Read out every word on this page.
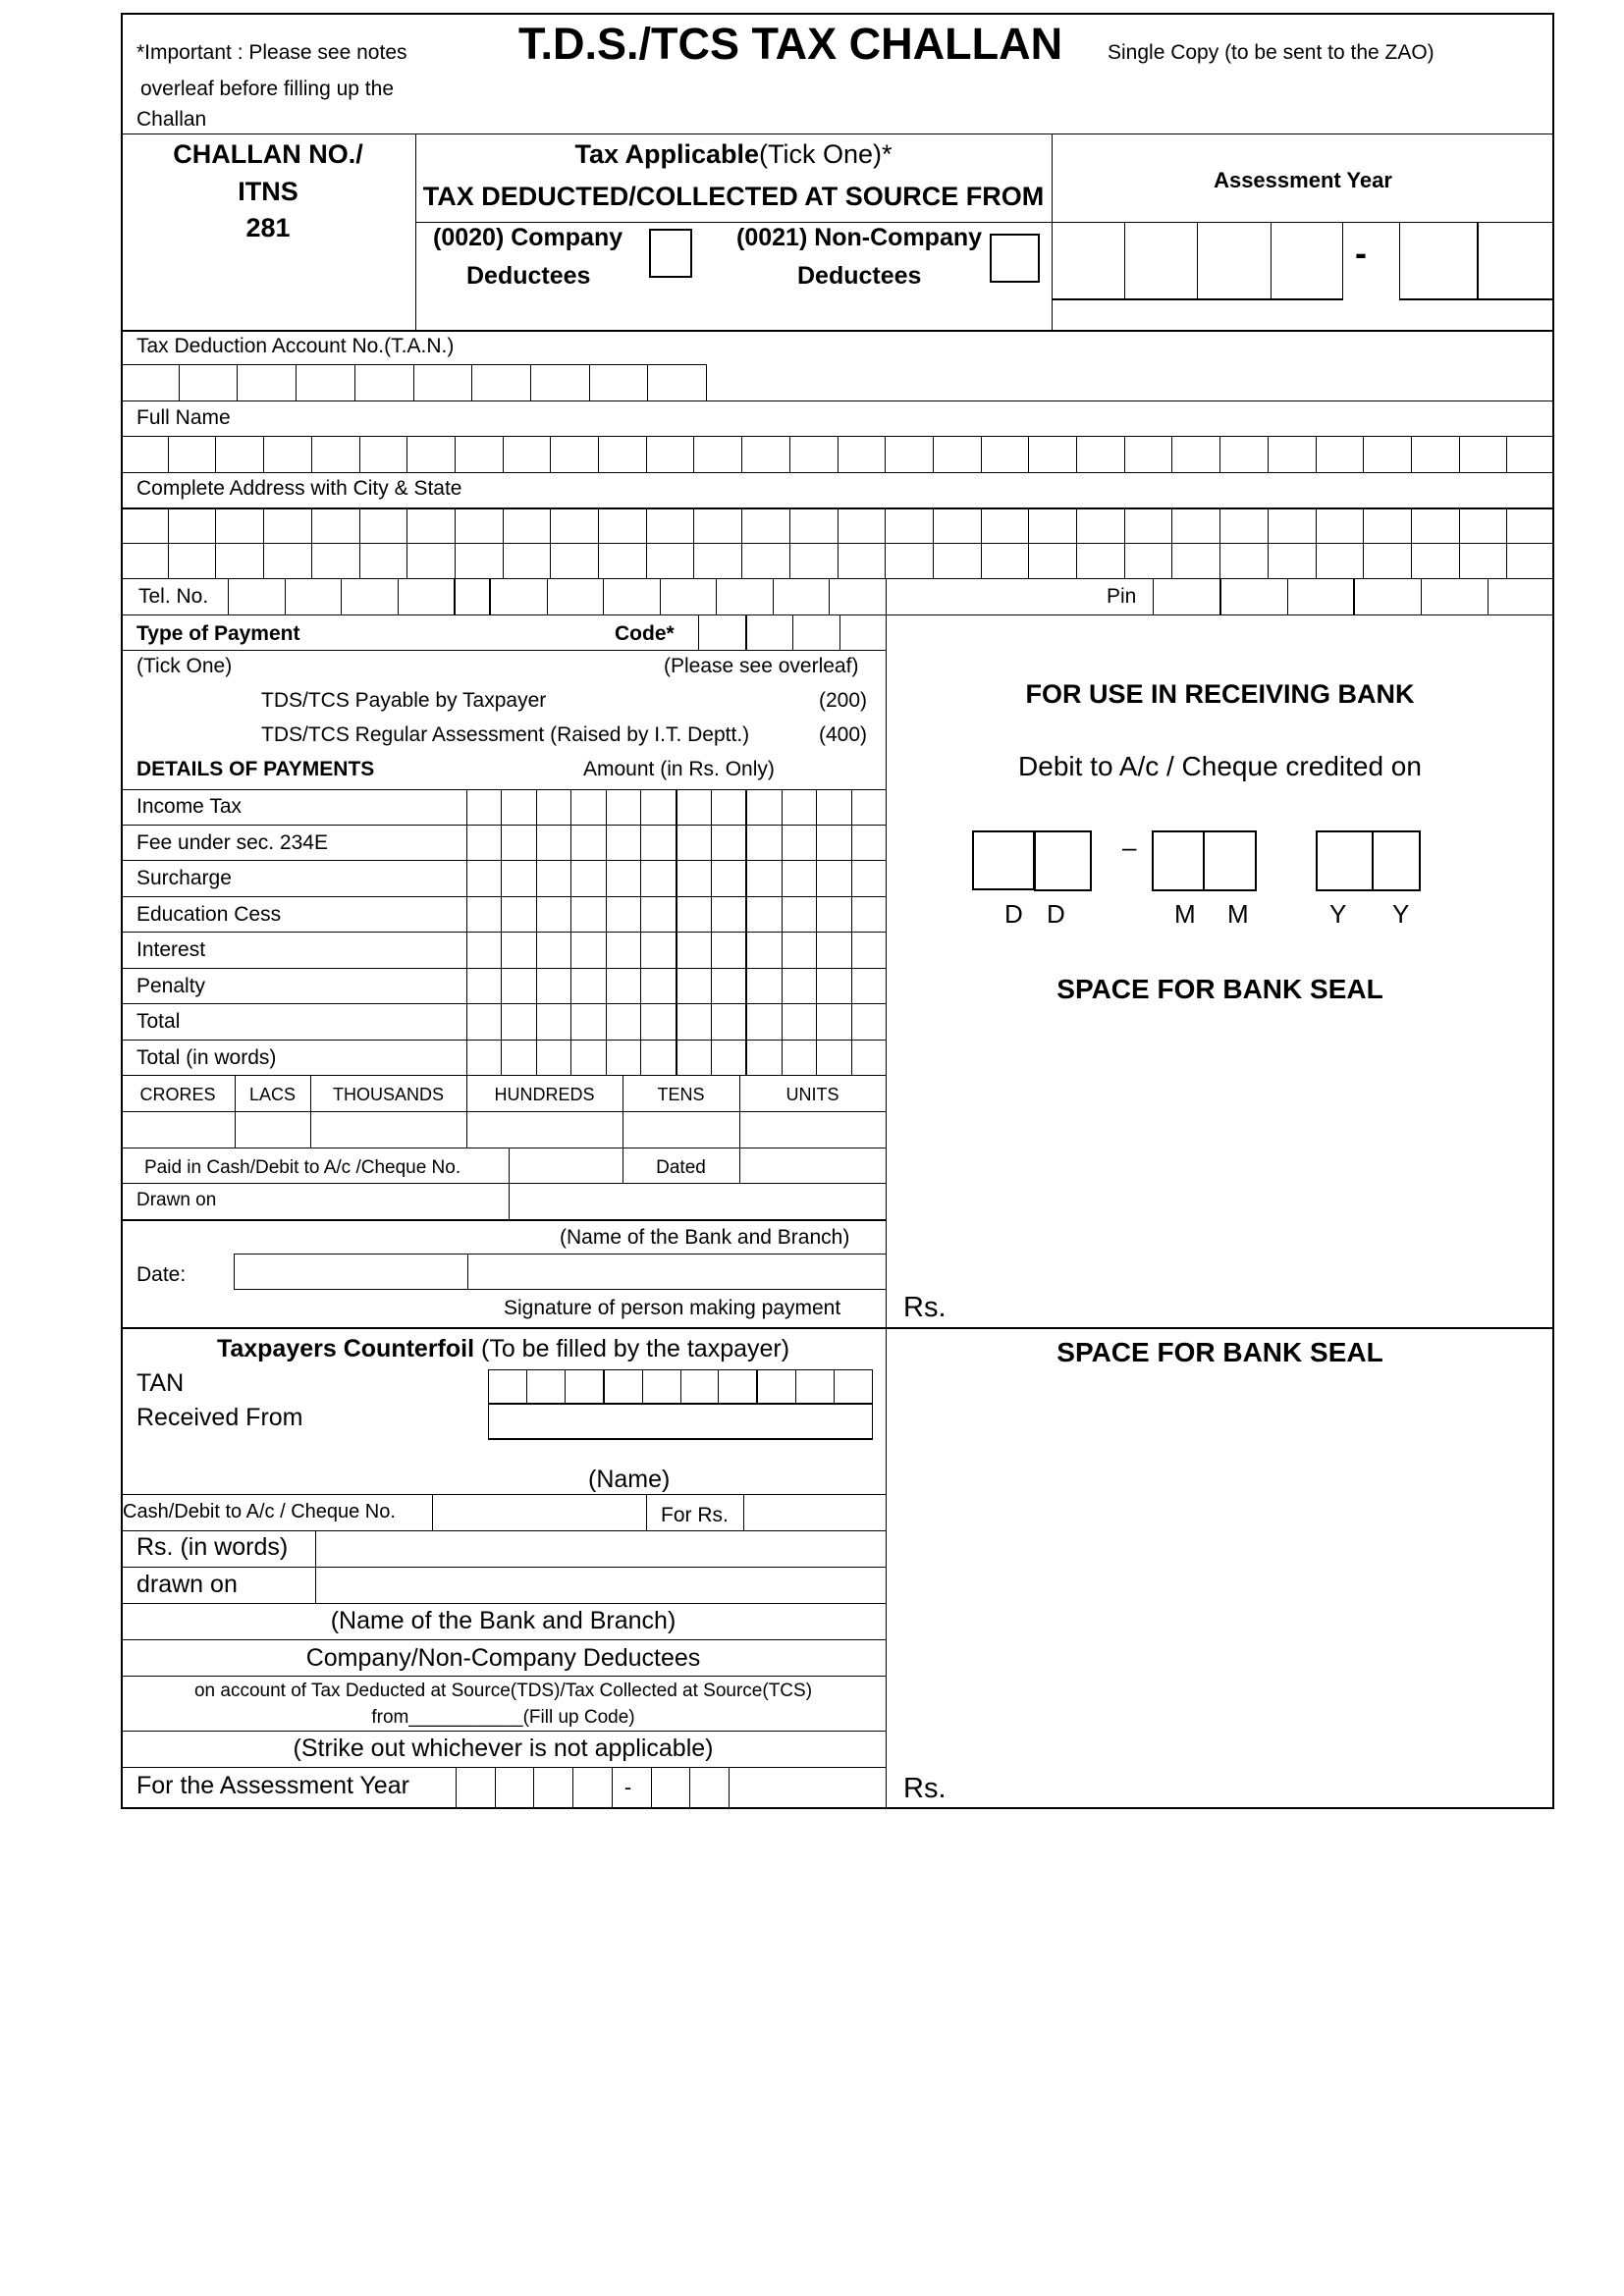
*Important : Please see notes
overleaf before filling up the
Challan
T.D.S./TCS TAX CHALLAN Single Copy (to be sent to the ZAO)
CHALLAN NO./
ITNS
281
Tax Applicable(Tick One)*
TAX DEDUCTED/COLLECTED AT SOURCE FROM
(0020) Company
Deductees
(0021) Non-Company
Deductees
Assessment Year
-
Tax Deduction Account No.(T.A.N.)
Full Name
Complete Address with City & State
Tel. No.	Pin
Type of Payment	Code*
(Tick One)	(Please see overleaf)
TDS/TCS Payable by Taxpayer	(200)
TDS/TCS Regular Assessment (Raised by I.T. Deptt.)	(400)
DETAILS OF PAYMENTS	Amount (in Rs. Only)
Income Tax
Fee under sec. 234E
Surcharge
Education Cess
Interest
Penalty
Total
Total (in words)
CRORES	LACS	THOUSANDS	HUNDREDS	TENS	UNITS
Paid in Cash/Debit to A/c /Cheque No.	Dated
Drawn on
(Name of the Bank and Branch)
Date:
Signature of person making payment
FOR USE IN RECEIVING BANK
Debit to A/c / Cheque credited on
–
D D	M M	Y Y
SPACE FOR BANK SEAL
Rs.
Taxpayers Counterfoil (To be filled by the taxpayer)
TAN
Received From
(Name)
Cash/Debit to A/c / Cheque No.	For Rs.
Rs. (in words)
drawn on
(Name of the Bank and Branch)
Company/Non-Company Deductees
on account of Tax Deducted at Source(TDS)/Tax Collected at Source(TCS)
from___________(Fill up Code)
(Strike out whichever is not applicable)
For the Assessment Year	-
SPACE FOR BANK SEAL
Rs.
